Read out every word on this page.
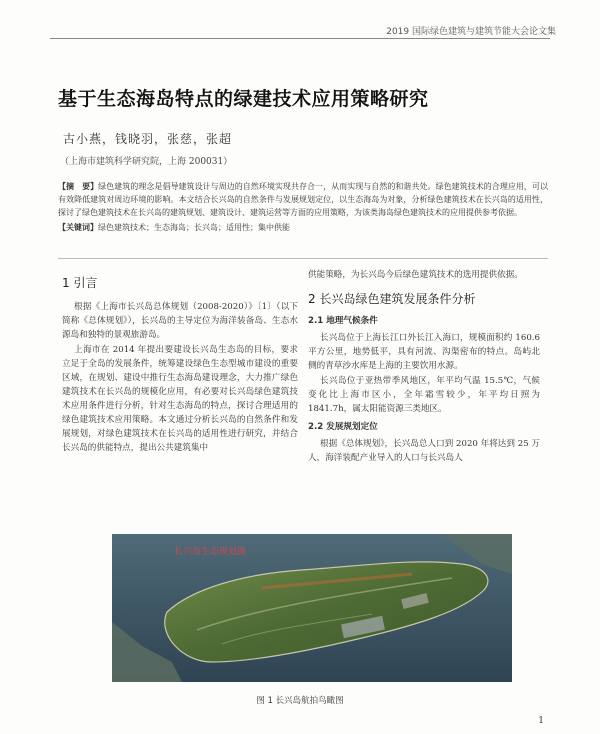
2019 国际绿色建筑与建筑节能大会论文集
基于生态海岛特点的绿建技术应用策略研究
古小燕，钱晓羽，张慈，张超
（上海市建筑科学研究院，上海 200031）
【摘　要】绿色建筑的理念是倡导建筑设计与周边的自然环境实现共存合一，从而实现与自然的和谐共处。绿色建筑技术的合理应用，可以有效降低建筑对周边环境的影响。本文结合长兴岛的自然条件与发展规划定位，以生态海岛为对象，分析绿色建筑技术在长兴岛的适用性，探讨了绿色建筑技术在长兴岛的建筑规划、建筑设计、建筑运营等方面的应用策略，为该类海岛绿色建筑技术的应用提供参考依据。
【关键词】绿色建筑技术；生态海岛；长兴岛；适用性；集中供能
1 引言

根据《上海市长兴岛总体规划（2008-2020）》〔1〕（以下简称《总体规划》），长兴岛的主导定位为海洋装备岛、生态水源岛和独特的景观旅游岛。

上海市在 2014 年提出要建设长兴岛生态岛的目标，要求立足于全岛的发展条件，统筹建设绿色生态型城市建设的重要区域，在规划、建设中推行生态海岛建设理念，大力推广绿色建筑技术在长兴岛的规模化应用，有必要对长兴岛绿色建筑技术应用条件进行分析，针对生态海岛的特点，探讨合理适用的绿色建筑技术应用策略。本文通过分析长兴岛的自然条件和发展规划，对绿色建筑技术在长兴岛的适用性进行研究，并结合长兴岛的供能特点，提出公共建筑集中

供能策略，为长兴岛今后绿色建筑技术的选用提供依据。

2 长兴岛绿色建筑发展条件分析
2.1 地理气候条件

长兴岛位于上海长江口外长江入海口，规模面积约 160.6 平方公里，地势低平，具有河流、沟渠密布的特点。岛屿北侧的青草沙水库是上海的主要饮用水源。

长兴岛位于亚热带季风地区，年平均气温 15.5℃，气候变化比上海市区小，全年霜雪较少，年平均日照为 1841.7h，属太阳能资源三类地区。

2.2 发展规划定位

根据《总体规划》，长兴岛总人口到 2020 年将达到 25 万人，海洋装配产业导入的人口与长兴岛人

长兴岛生态规划图
图 1 长兴岛航拍鸟瞰图
1
